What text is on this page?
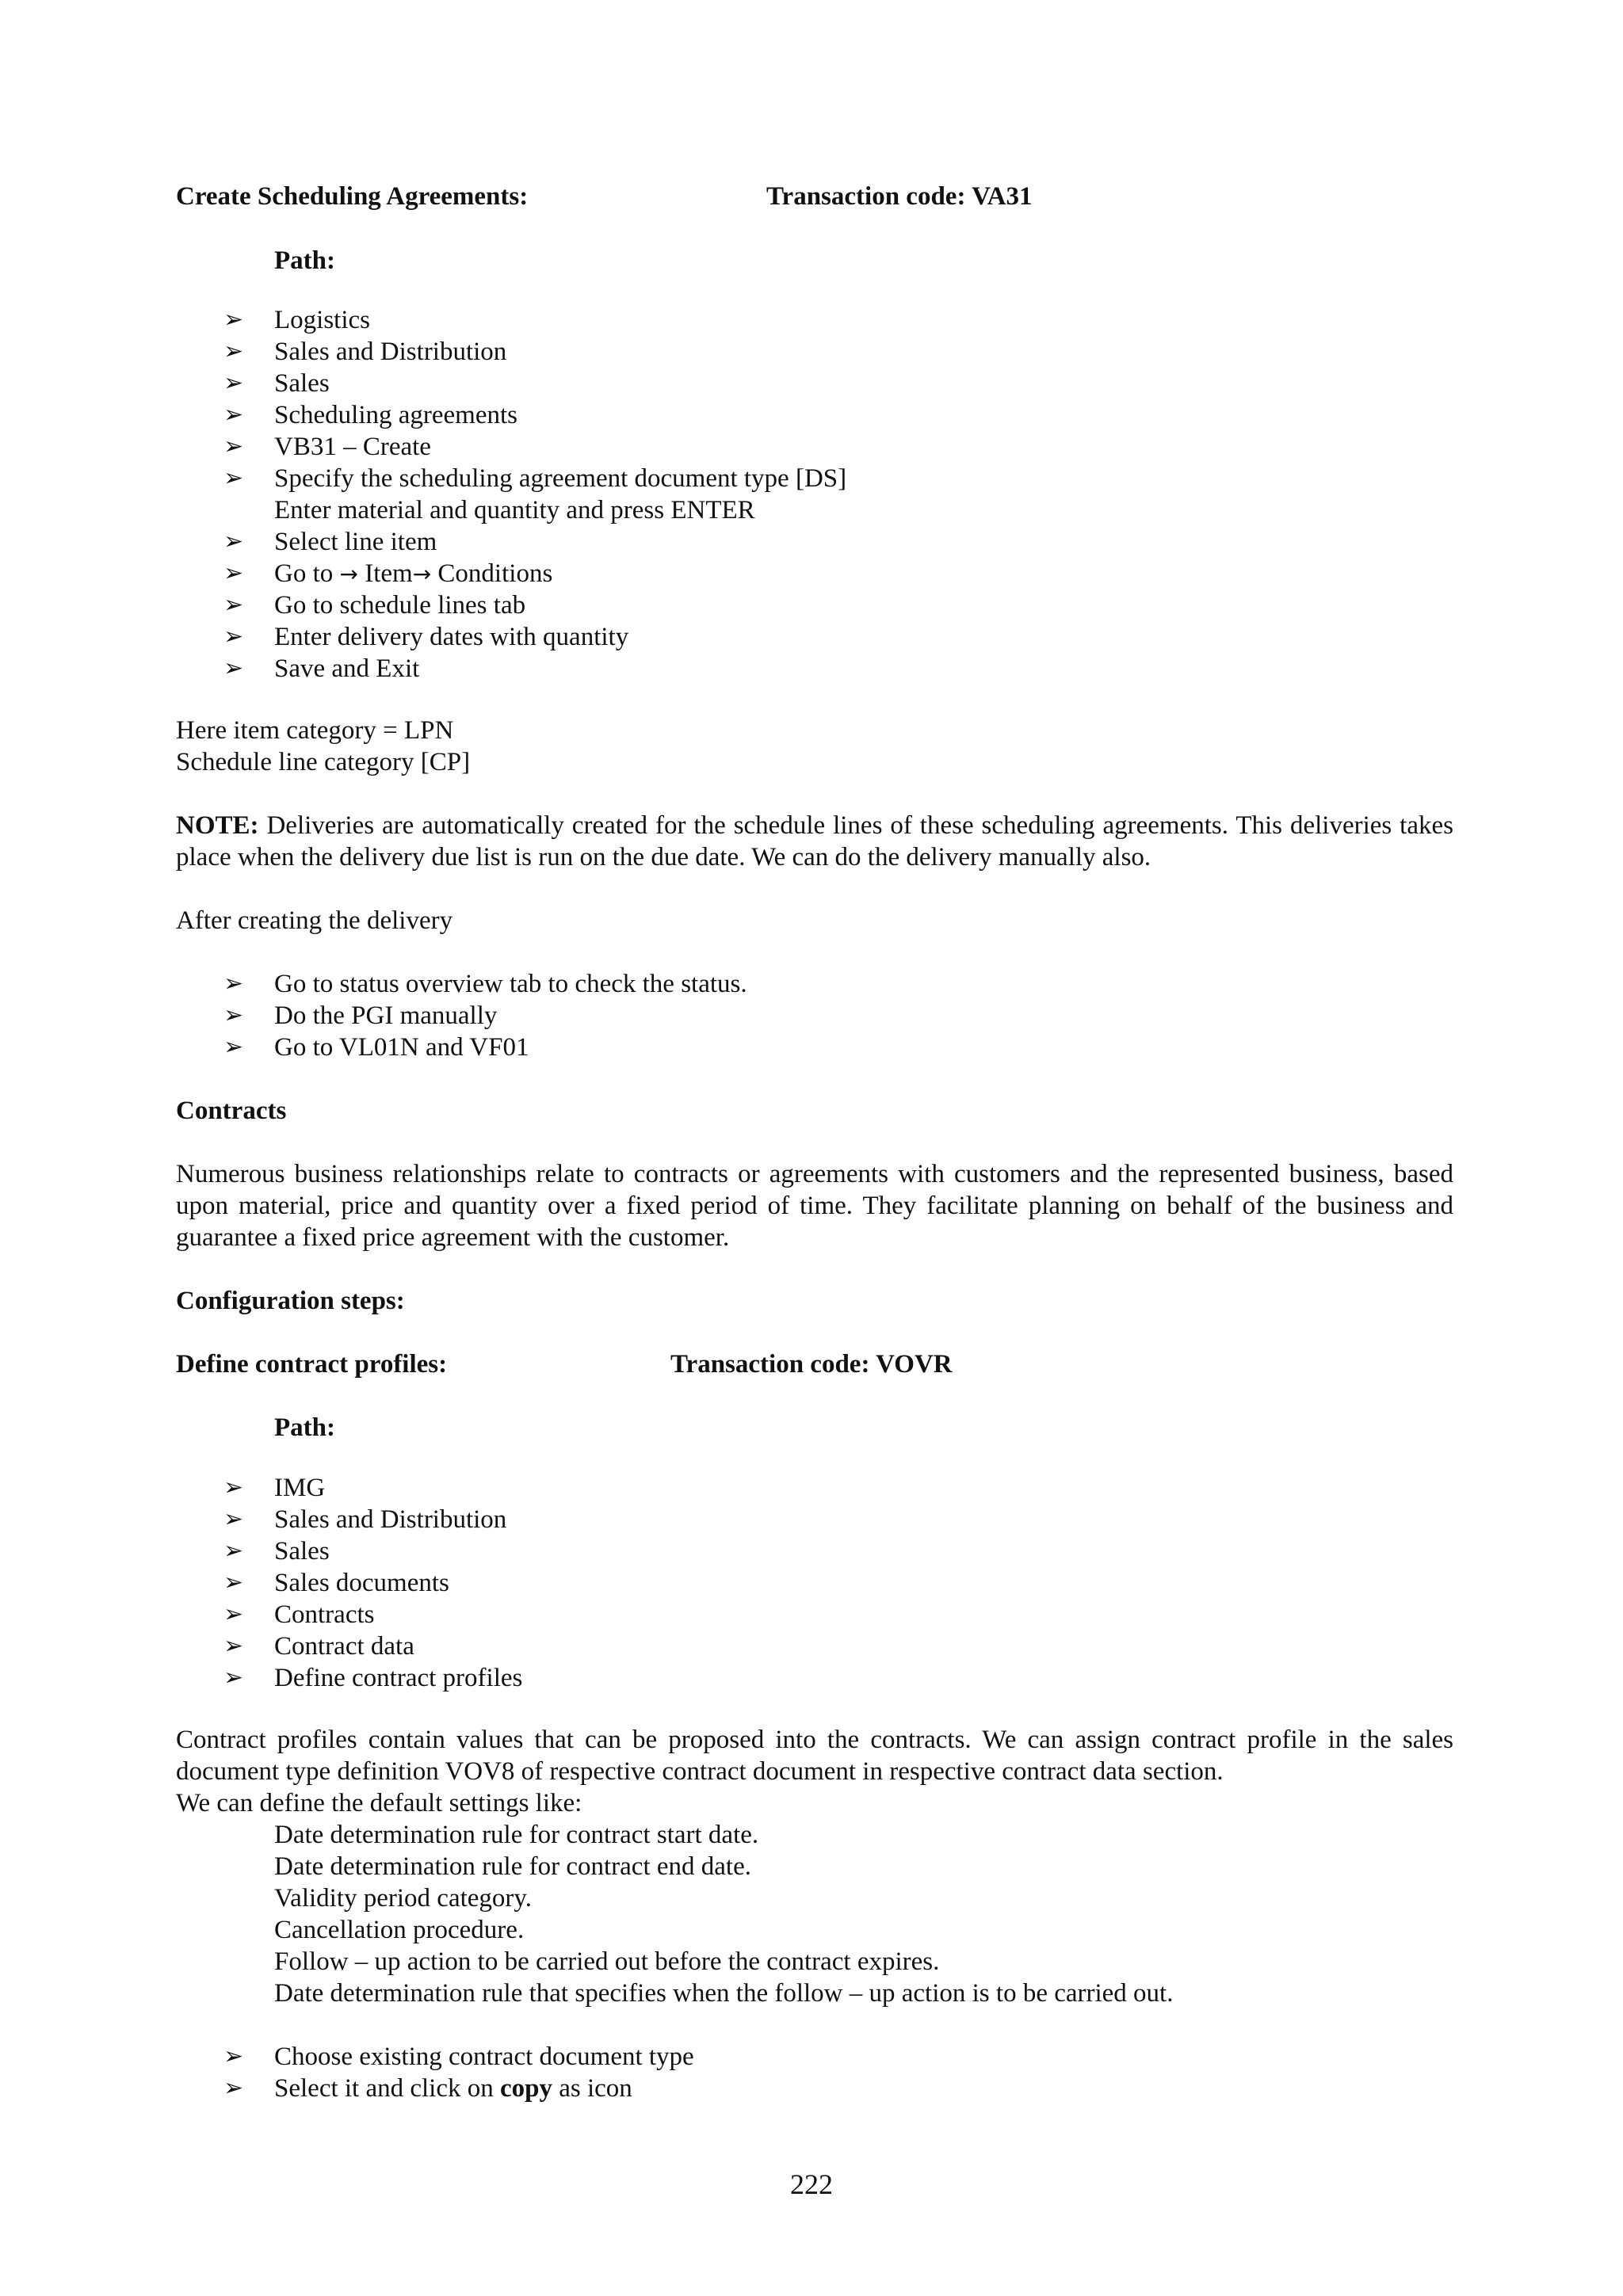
Create Scheduling Agreements:	Transaction code: VA31
Path:
➢ Logistics
➢ Sales and Distribution
➢ Sales
➢ Scheduling agreements
➢ VB31 – Create
➢ Specify the scheduling agreement document type [DS]
Enter material and quantity and press ENTER
➢ Select line item
➢ Go to → Item→ Conditions
➢ Go to schedule lines tab
➢ Enter delivery dates with quantity
➢ Save and Exit
Here item category = LPN
Schedule line category [CP]
NOTE: Deliveries are automatically created for the schedule lines of these scheduling agreements. This deliveries takes place when the delivery due list is run on the due date. We can do the delivery manually also.
After creating the delivery
➢ Go to status overview tab to check the status.
➢ Do the PGI manually
➢ Go to VL01N and VF01
Contracts
Numerous business relationships relate to contracts or agreements with customers and the represented business, based upon material, price and quantity over a fixed period of time. They facilitate planning on behalf of the business and guarantee a fixed price agreement with the customer.
Configuration steps:
Define contract profiles:	Transaction code: VOVR
Path:
➢ IMG
➢ Sales and Distribution
➢ Sales
➢ Sales documents
➢ Contracts
➢ Contract data
➢ Define contract profiles
Contract profiles contain values that can be proposed into the contracts. We can assign contract profile in the sales document type definition VOV8 of respective contract document in respective contract data section.
We can define the default settings like:
Date determination rule for contract start date.
Date determination rule for contract end date.
Validity period category.
Cancellation procedure.
Follow – up action to be carried out before the contract expires.
Date determination rule that specifies when the follow – up action is to be carried out.
➢ Choose existing contract document type
➢ Select it and click on copy as icon
222
